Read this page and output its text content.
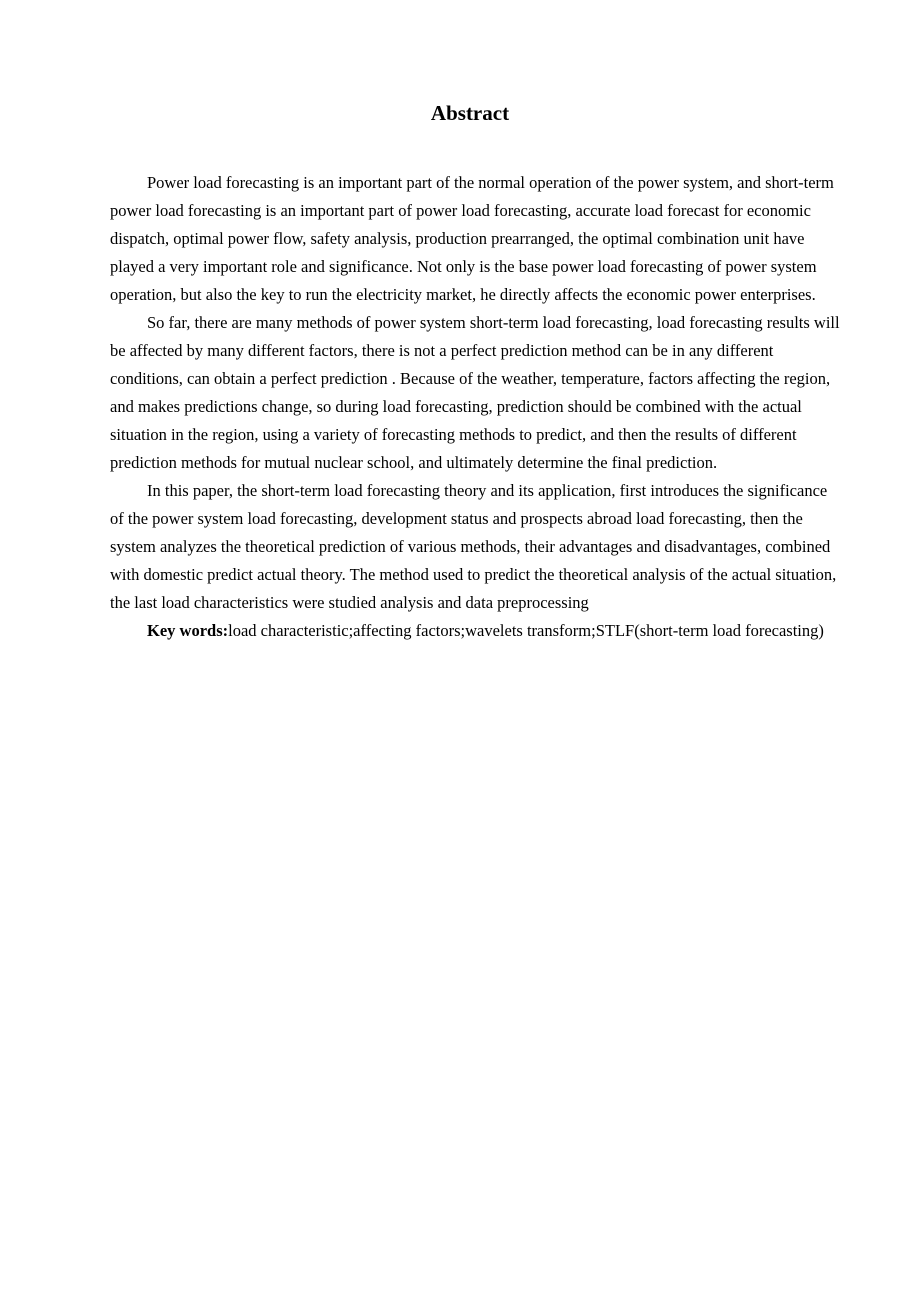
Abstract

Power load forecasting is an important part of the normal operation of the power system, and short-term power load forecasting is an important part of power load forecasting, accurate load forecast for economic dispatch, optimal power flow, safety analysis, production prearranged, the optimal combination unit have played a very important role and significance. Not only is the base power load forecasting of power system operation, but also the key to run the electricity market, he directly affects the economic power enterprises.

So far, there are many methods of power system short-term load forecasting, load forecasting results will be affected by many different factors, there is not a perfect prediction method can be in any different conditions, can obtain a perfect prediction . Because of the weather, temperature, factors affecting the region, and makes predictions change, so during load forecasting, prediction should be combined with the actual situation in the region, using a variety of forecasting methods to predict, and then the results of different prediction methods for mutual nuclear school, and ultimately determine the final prediction.

In this paper, the short-term load forecasting theory and its application, first introduces the significance of the power system load forecasting, development status and prospects abroad load forecasting, then the system analyzes the theoretical prediction of various methods, their advantages and disadvantages, combined with domestic predict actual theory. The method used to predict the theoretical analysis of the actual situation, the last load characteristics were studied analysis and data preprocessing

Key words:load characteristic;affecting factors;wavelets transform;STLF(short-term load forecasting)
